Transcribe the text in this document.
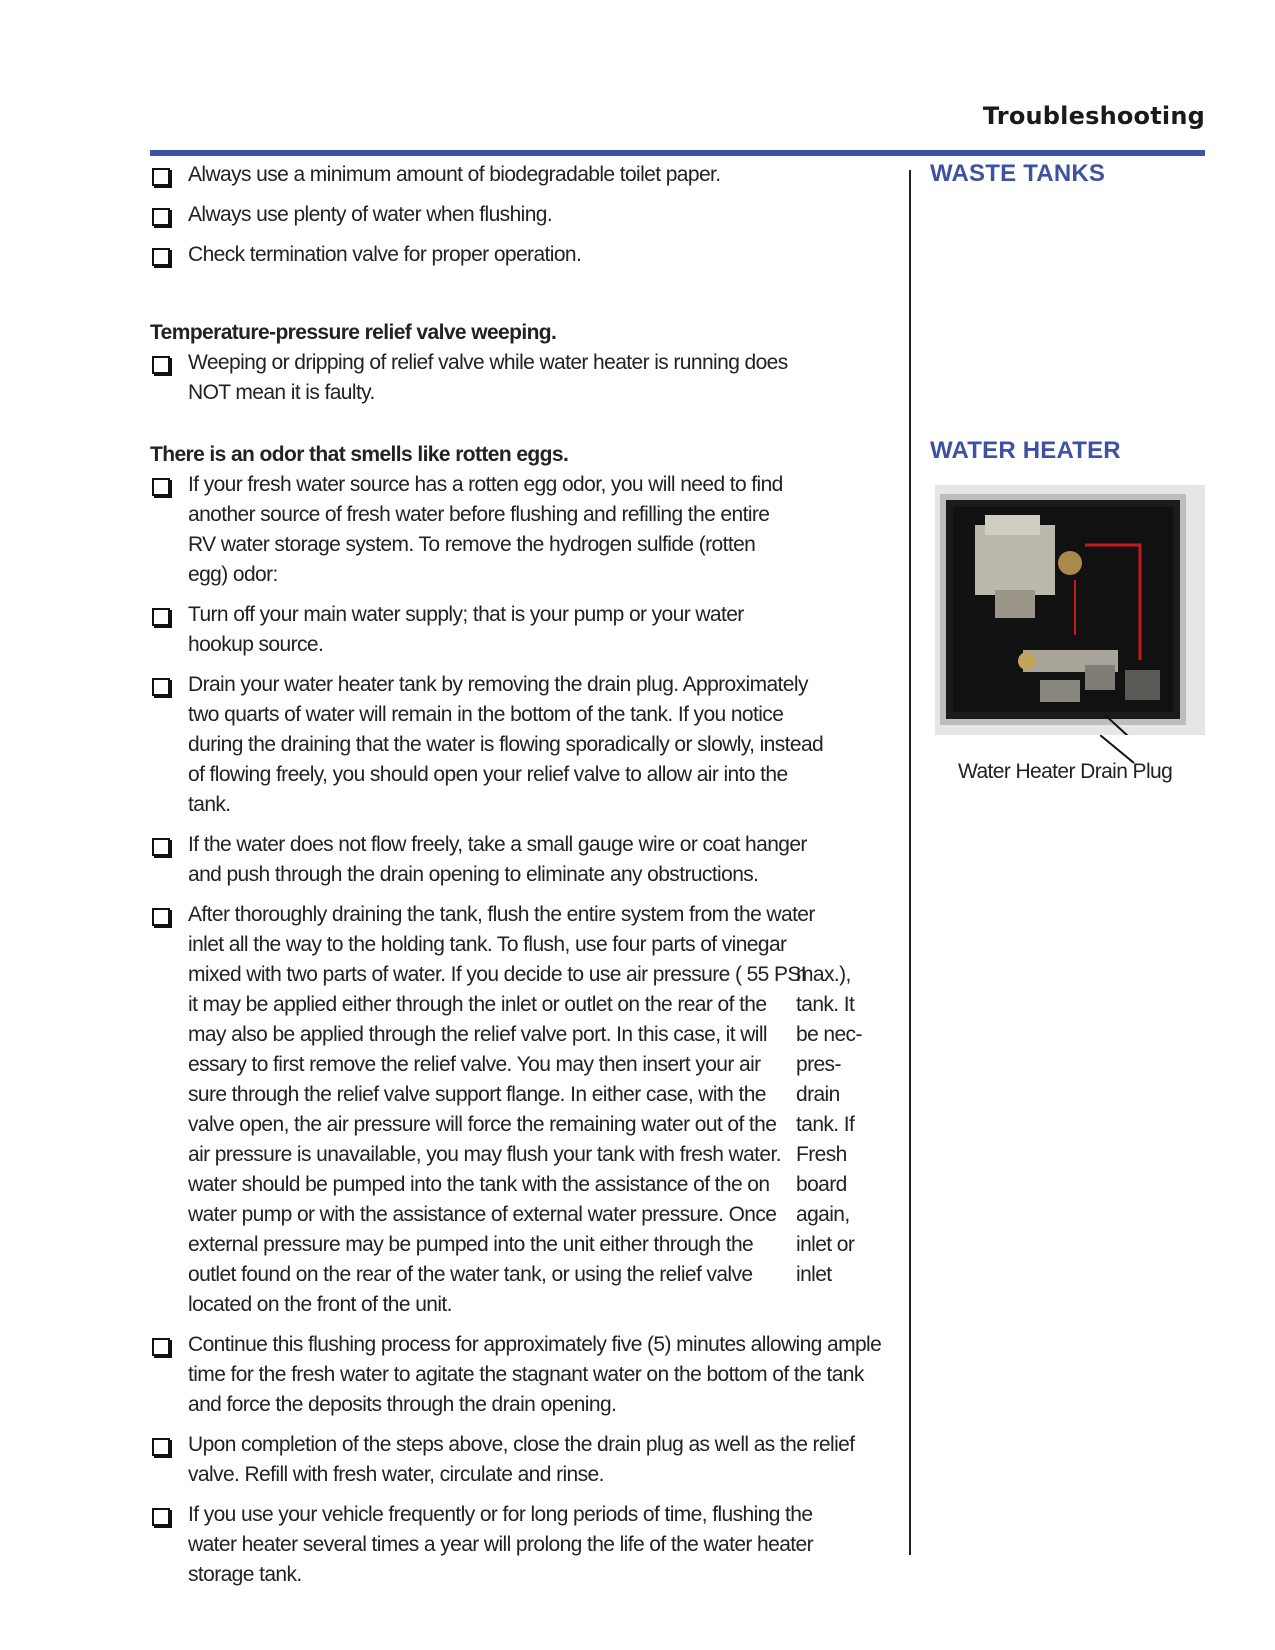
Troubleshooting
Always use a minimum amount of biodegradable toilet paper.
Always use plenty of water when flushing.
Check termination valve for proper operation.
Temperature-pressure relief valve weeping.
Weeping or dripping of relief valve while water heater is running does NOT mean it is faulty.
There is an odor that smells like rotten eggs.
If your fresh water source has a rotten egg odor, you will need to find another source of fresh water before flushing and refilling the entire RV water storage system. To remove the hydrogen sulfide (rotten egg) odor:
Turn off your main water supply; that is your pump or your water hookup source.
Drain your water heater tank by removing the drain plug. Approximately two quarts of water will remain in the bottom of the tank. If you notice during the draining that the water is flowing sporadically or slowly, instead of flowing freely, you should open your relief valve to allow air into the tank.
If the water does not flow freely, take a small gauge wire or coat hanger and push through the drain opening to eliminate any obstructions.
After thoroughly draining the tank, flush the entire system from the water inlet all the way to the holding tank. To flush, use four parts of vinegar mixed with two parts of water. If you decide to use air pressure ( 55 PSI
it may be applied either through the inlet or outlet on the rear of the may also be applied through the relief valve port. In this case, it will essary to first remove the relief valve. You may then insert your air sure through the relief valve support flange. In either case, with the valve open, the air pressure will force the remaining water out of the air pressure is unavailable, you may flush your tank with fresh water. water should be pumped into the tank with the assistance of the on water pump or with the assistance of external water pressure. Once external pressure may be pumped into the unit either through the outlet found on the rear of the water tank, or using the relief valve located on the front of the unit.
max.),
tank. It
be nec-
pres-
drain
tank. If
Fresh
board
again,
inlet or
inlet
Continue this flushing process for approximately five (5) minutes allowing ample time for the fresh water to agitate the stagnant water on the bottom of the tank and force the deposits through the drain opening.
Upon completion of the steps above, close the drain plug as well as the relief valve. Refill with fresh water, circulate and rinse.
If you use your vehicle frequently or for long periods of time, flushing the water heater several times a year will prolong the life of the water heater storage tank.
WASTE TANKS
WATER HEATER
Water Heater Drain Plug
